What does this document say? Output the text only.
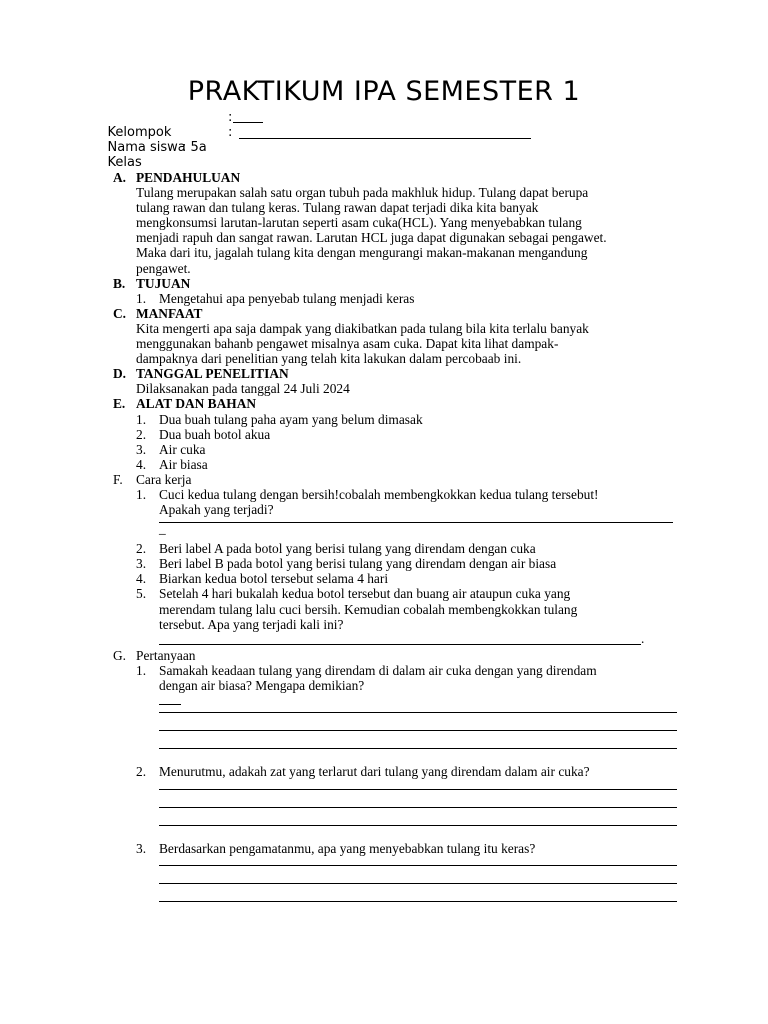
PRAKTIKUM IPA SEMESTER 1

Kelompok

:

Nama siswa

:

Kelas

: 5a
A. PENDAHULUAN
Tulang merupakan salah satu organ tubuh pada makhluk hidup. Tulang dapat berupa
tulang rawan dan tulang keras. Tulang rawan dapat terjadi dika kita banyak
mengkonsumsi larutan-larutan seperti asam cuka(HCL). Yang menyebabkan tulang
menjadi rapuh dan sangat rawan. Larutan HCL juga dapat digunakan sebagai pengawet.
Maka dari itu, jagalah tulang kita dengan mengurangi makan-makanan mengandung
pengawet.
B. TUJUAN
1. Mengetahui apa penyebab tulang menjadi keras
C. MANFAAT
Kita mengerti apa saja dampak yang diakibatkan pada tulang bila kita terlalu banyak
menggunakan bahanb pengawet misalnya asam cuka. Dapat kita lihat dampak-
dampaknya dari penelitian yang telah kita lakukan dalam percobaab ini.
D. TANGGAL PENELITIAN
Dilaksanakan pada tanggal 24 Juli 2024
E. ALAT DAN BAHAN
1. Dua buah tulang paha ayam yang belum dimasak
2. Dua buah botol akua
3. Air cuka
4. Air biasa
F. Cara kerja
1. Cuci kedua tulang dengan bersih!cobalah membengkokkan kedua tulang tersebut!
Apakah yang terjadi?
_
2. Beri label A pada botol yang berisi tulang yang direndam dengan cuka
3. Beri label B pada botol yang berisi tulang yang direndam dengan air biasa
4. Biarkan kedua botol tersebut selama 4 hari
5. Setelah 4 hari bukalah kedua botol tersebut dan buang air ataupun cuka yang
merendam tulang lalu cuci bersih. Kemudian cobalah membengkokkan tulang
tersebut. Apa yang terjadi kali ini?
.
G. Pertanyaan
1. Samakah keadaan tulang yang direndam di dalam air cuka dengan yang direndam
dengan air biasa? Mengapa demikian?
2. Menurutmu, adakah zat yang terlarut dari tulang yang direndam dalam air cuka?
3. Berdasarkan pengamatanmu, apa yang menyebabkan tulang itu keras?
